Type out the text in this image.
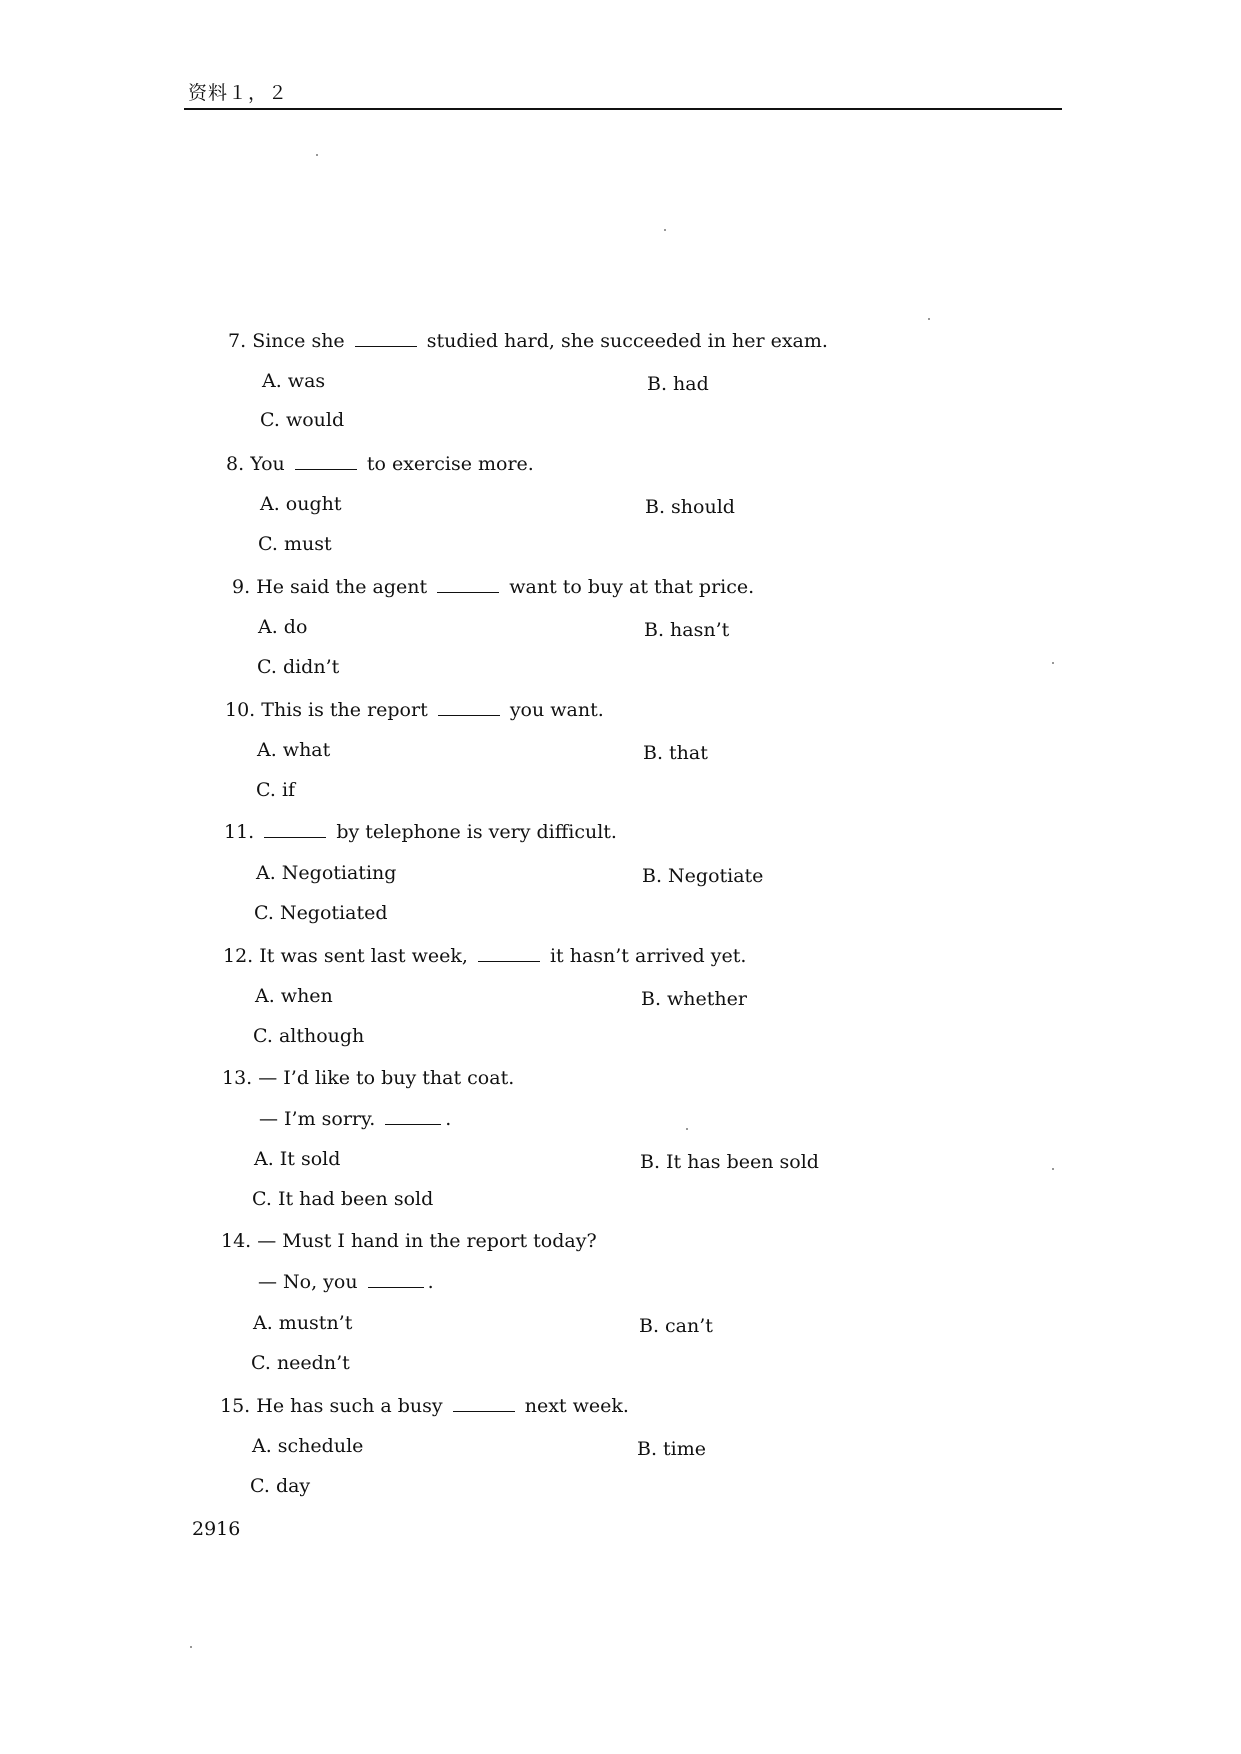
资料１，２
7. Since she	studied hard, she succeeded in her exam.
A. was	B. had
C. would
8. You	to exercise more.
A. ought	B. should
C. must
9. He said the agent	want to buy at that price.
A. do	B. hasn’t
C. didn’t
10. This is the report	you want.
A. what	B. that
C. if
11.	by telephone is very difficult.
A. Negotiating	B. Negotiate
C. Negotiated
12. It was sent last week,	it hasn’t arrived yet.
A. when	B. whether
C. although
13. — I’d like to buy that coat.
— I’m sorry.	.
A. It sold	B. It has been sold
C. It had been sold
14. — Must I hand in the report today?
— No, you	.
A. mustn’t	B. can’t
C. needn’t
15. He has such a busy	next week.
A. schedule	B. time
C. day
2916
